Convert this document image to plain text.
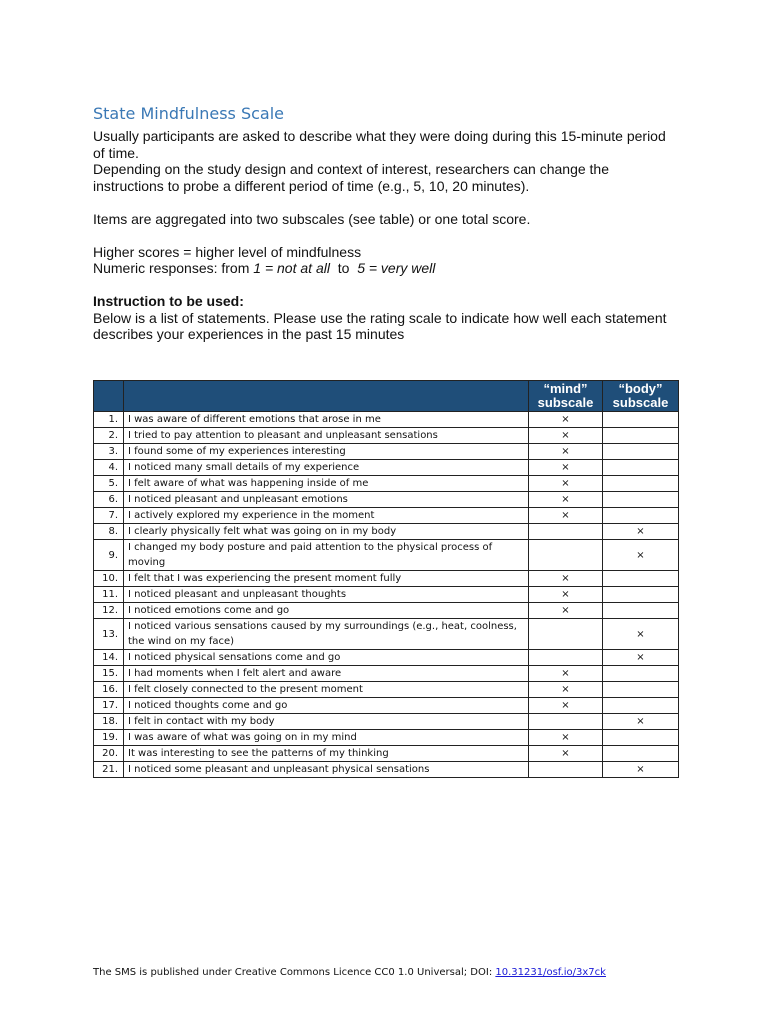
State Mindfulness Scale

Usually participants are asked to describe what they were doing during this 15-minute period of time.

Depending on the study design and context of interest, researchers can change the instructions to probe a different period of time (e.g., 5, 10, 20 minutes).

Items are aggregated into two subscales (see table) or one total score.

Higher scores = higher level of mindfulness

Numeric responses: from 1 = not at all  to  5 = very well

Instruction to be used:

Below is a list of statements. Please use the rating scale to indicate how well each statement describes your experiences in the past 15 minutes

		“mind” subscale	“body” subscale
1.	I was aware of different emotions that arose in me	×	
2.	I tried to pay attention to pleasant and unpleasant sensations	×	
3.	I found some of my experiences interesting	×	
4.	I noticed many small details of my experience	×	
5.	I felt aware of what was happening inside of me	×	
6.	I noticed pleasant and unpleasant emotions	×	
7.	I actively explored my experience in the moment	×	
8.	I clearly physically felt what was going on in my body		×
9.	I changed my body posture and paid attention to the physical process of moving		×
10.	I felt that I was experiencing the present moment fully	×	
11.	I noticed pleasant and unpleasant thoughts	×	
12.	I noticed emotions come and go	×	
13.	I noticed various sensations caused by my surroundings (e.g., heat, coolness, the wind on my face)		×
14.	I noticed physical sensations come and go		×
15.	I had moments when I felt alert and aware	×	
16.	I felt closely connected to the present moment	×	
17.	I noticed thoughts come and go	×	
18.	I felt in contact with my body		×
19.	I was aware of what was going on in my mind	×	
20.	It was interesting to see the patterns of my thinking	×	
21.	I noticed some pleasant and unpleasant physical sensations		×
The SMS is published under Creative Commons Licence CC0 1.0 Universal; DOI: 10.31231/osf.io/3x7ck
